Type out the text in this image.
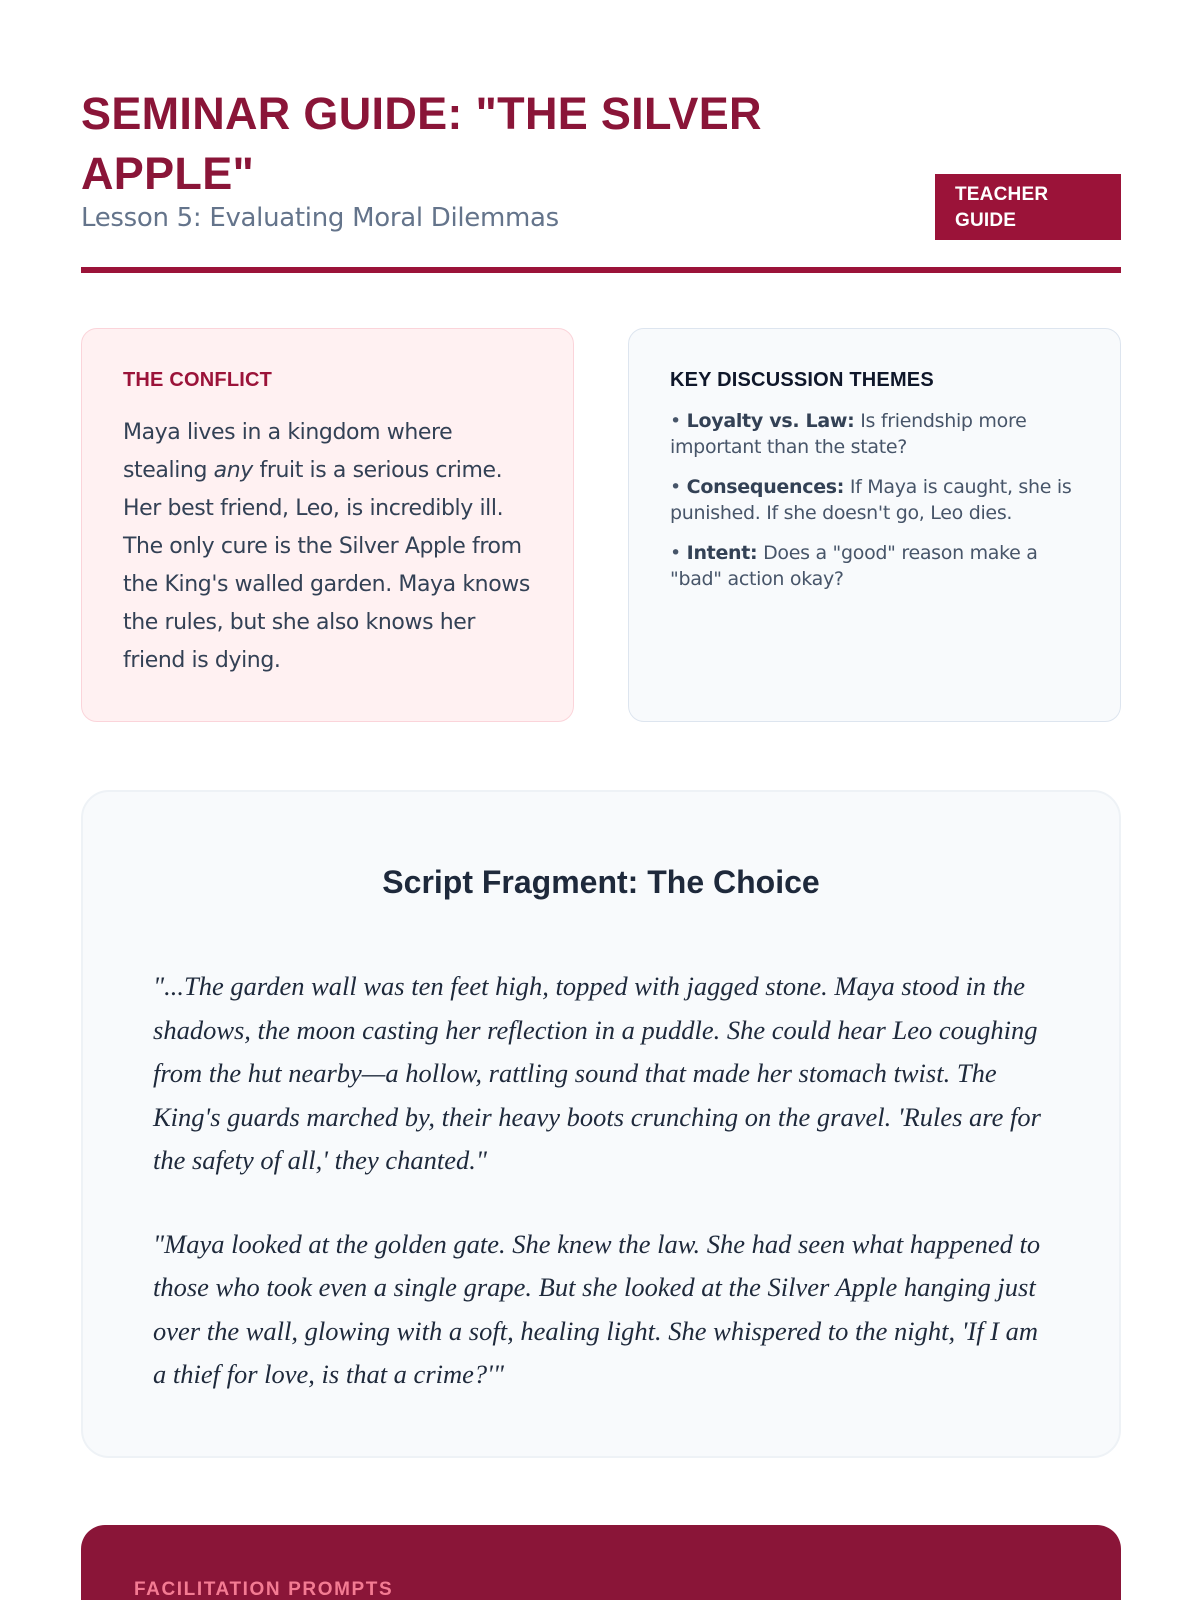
SEMINAR GUIDE: "THE SILVER APPLE"
Lesson 5: Evaluating Moral Dilemmas
TEACHER GUIDE
THE CONFLICT

Maya lives in a kingdom where stealing any fruit is a serious crime. Her best friend, Leo, is incredibly ill. The only cure is the Silver Apple from the King's walled garden. Maya knows the rules, but she also knows her friend is dying.

KEY DISCUSSION THEMES
• Loyalty vs. Law: Is friendship more important than the state?
• Consequences: If Maya is caught, she is punished. If she doesn't go, Leo dies.
• Intent: Does a "good" reason make a "bad" action okay?
Script Fragment: The Choice

"...The garden wall was ten feet high, topped with jagged stone. Maya stood in the shadows, the moon casting her reflection in a puddle. She could hear Leo coughing from the hut nearby—a hollow, rattling sound that made her stomach twist. The King's guards marched by, their heavy boots crunching on the gravel. 'Rules are for the safety of all,' they chanted."

"Maya looked at the golden gate. She knew the law. She had seen what happened to those who took even a single grape. But she looked at the Silver Apple hanging just over the wall, glowing with a soft, healing light. She whispered to the night, 'If I am a thief for love, is that a crime?'"

FACILITATION PROMPTS
